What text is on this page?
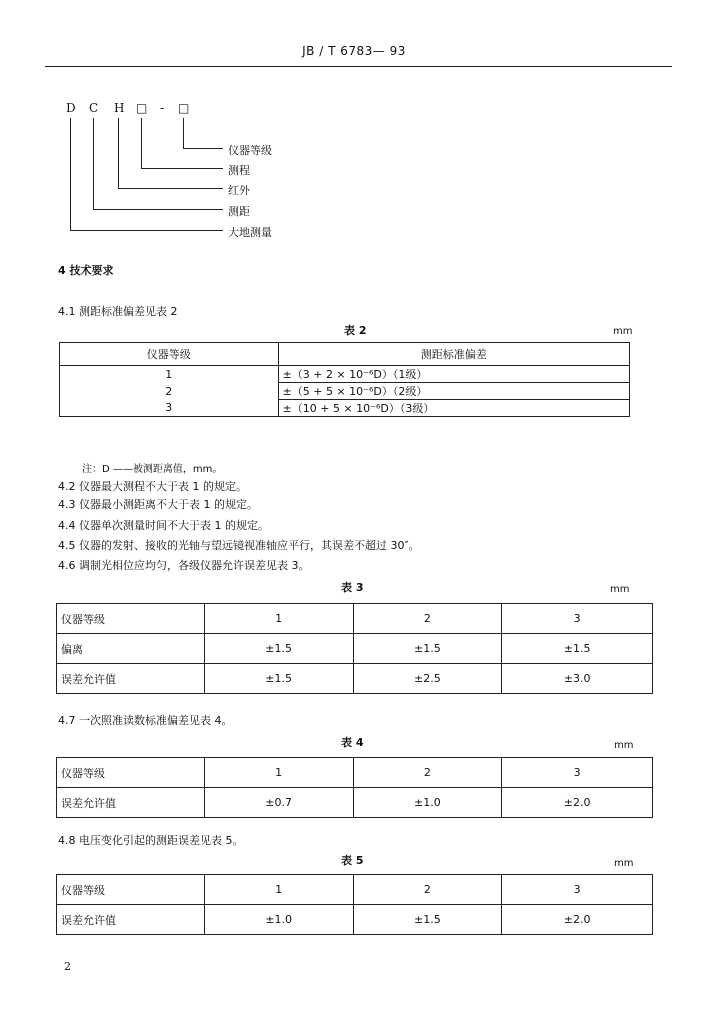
JB / T 6783— 93
D C H □ - □
仪器等级
测程
红外
测距
大地测量
4 技术要求
4.1 测距标准偏差见表 2
表 2	mm
仪器等级	测距标准偏差
1	±（3 + 2 × 10⁻⁶D）（1级）
2	±（5 + 5 × 10⁻⁶D）（2级）
3	±（10 + 5 × 10⁻⁶D）（3级）
注：D ——被测距离值，mm。
4.2 仪器最大测程不大于表 1 的规定。
4.3 仪器最小测距离不大于表 1 的规定。
4.4 仪器单次测量时间不大于表 1 的规定。
4.5 仪器的发射、接收的光轴与望远镜视准轴应平行，其误差不超过 30″。
4.6 调制光相位应均匀，各级仪器允许误差见表 3。
表 3	mm
仪器等级	1	2	3
偏离	±1.5	±1.5	±1.5
误差允许值	±1.5	±2.5	±3.0
4.7 一次照准读数标准偏差见表 4。
表 4	mm
仪器等级	1	2	3
误差允许值	±0.7	±1.0	±2.0
4.8 电压变化引起的测距误差见表 5。
表 5	mm
仪器等级	1	2	3
误差允许值	±1.0	±1.5	±2.0
2
